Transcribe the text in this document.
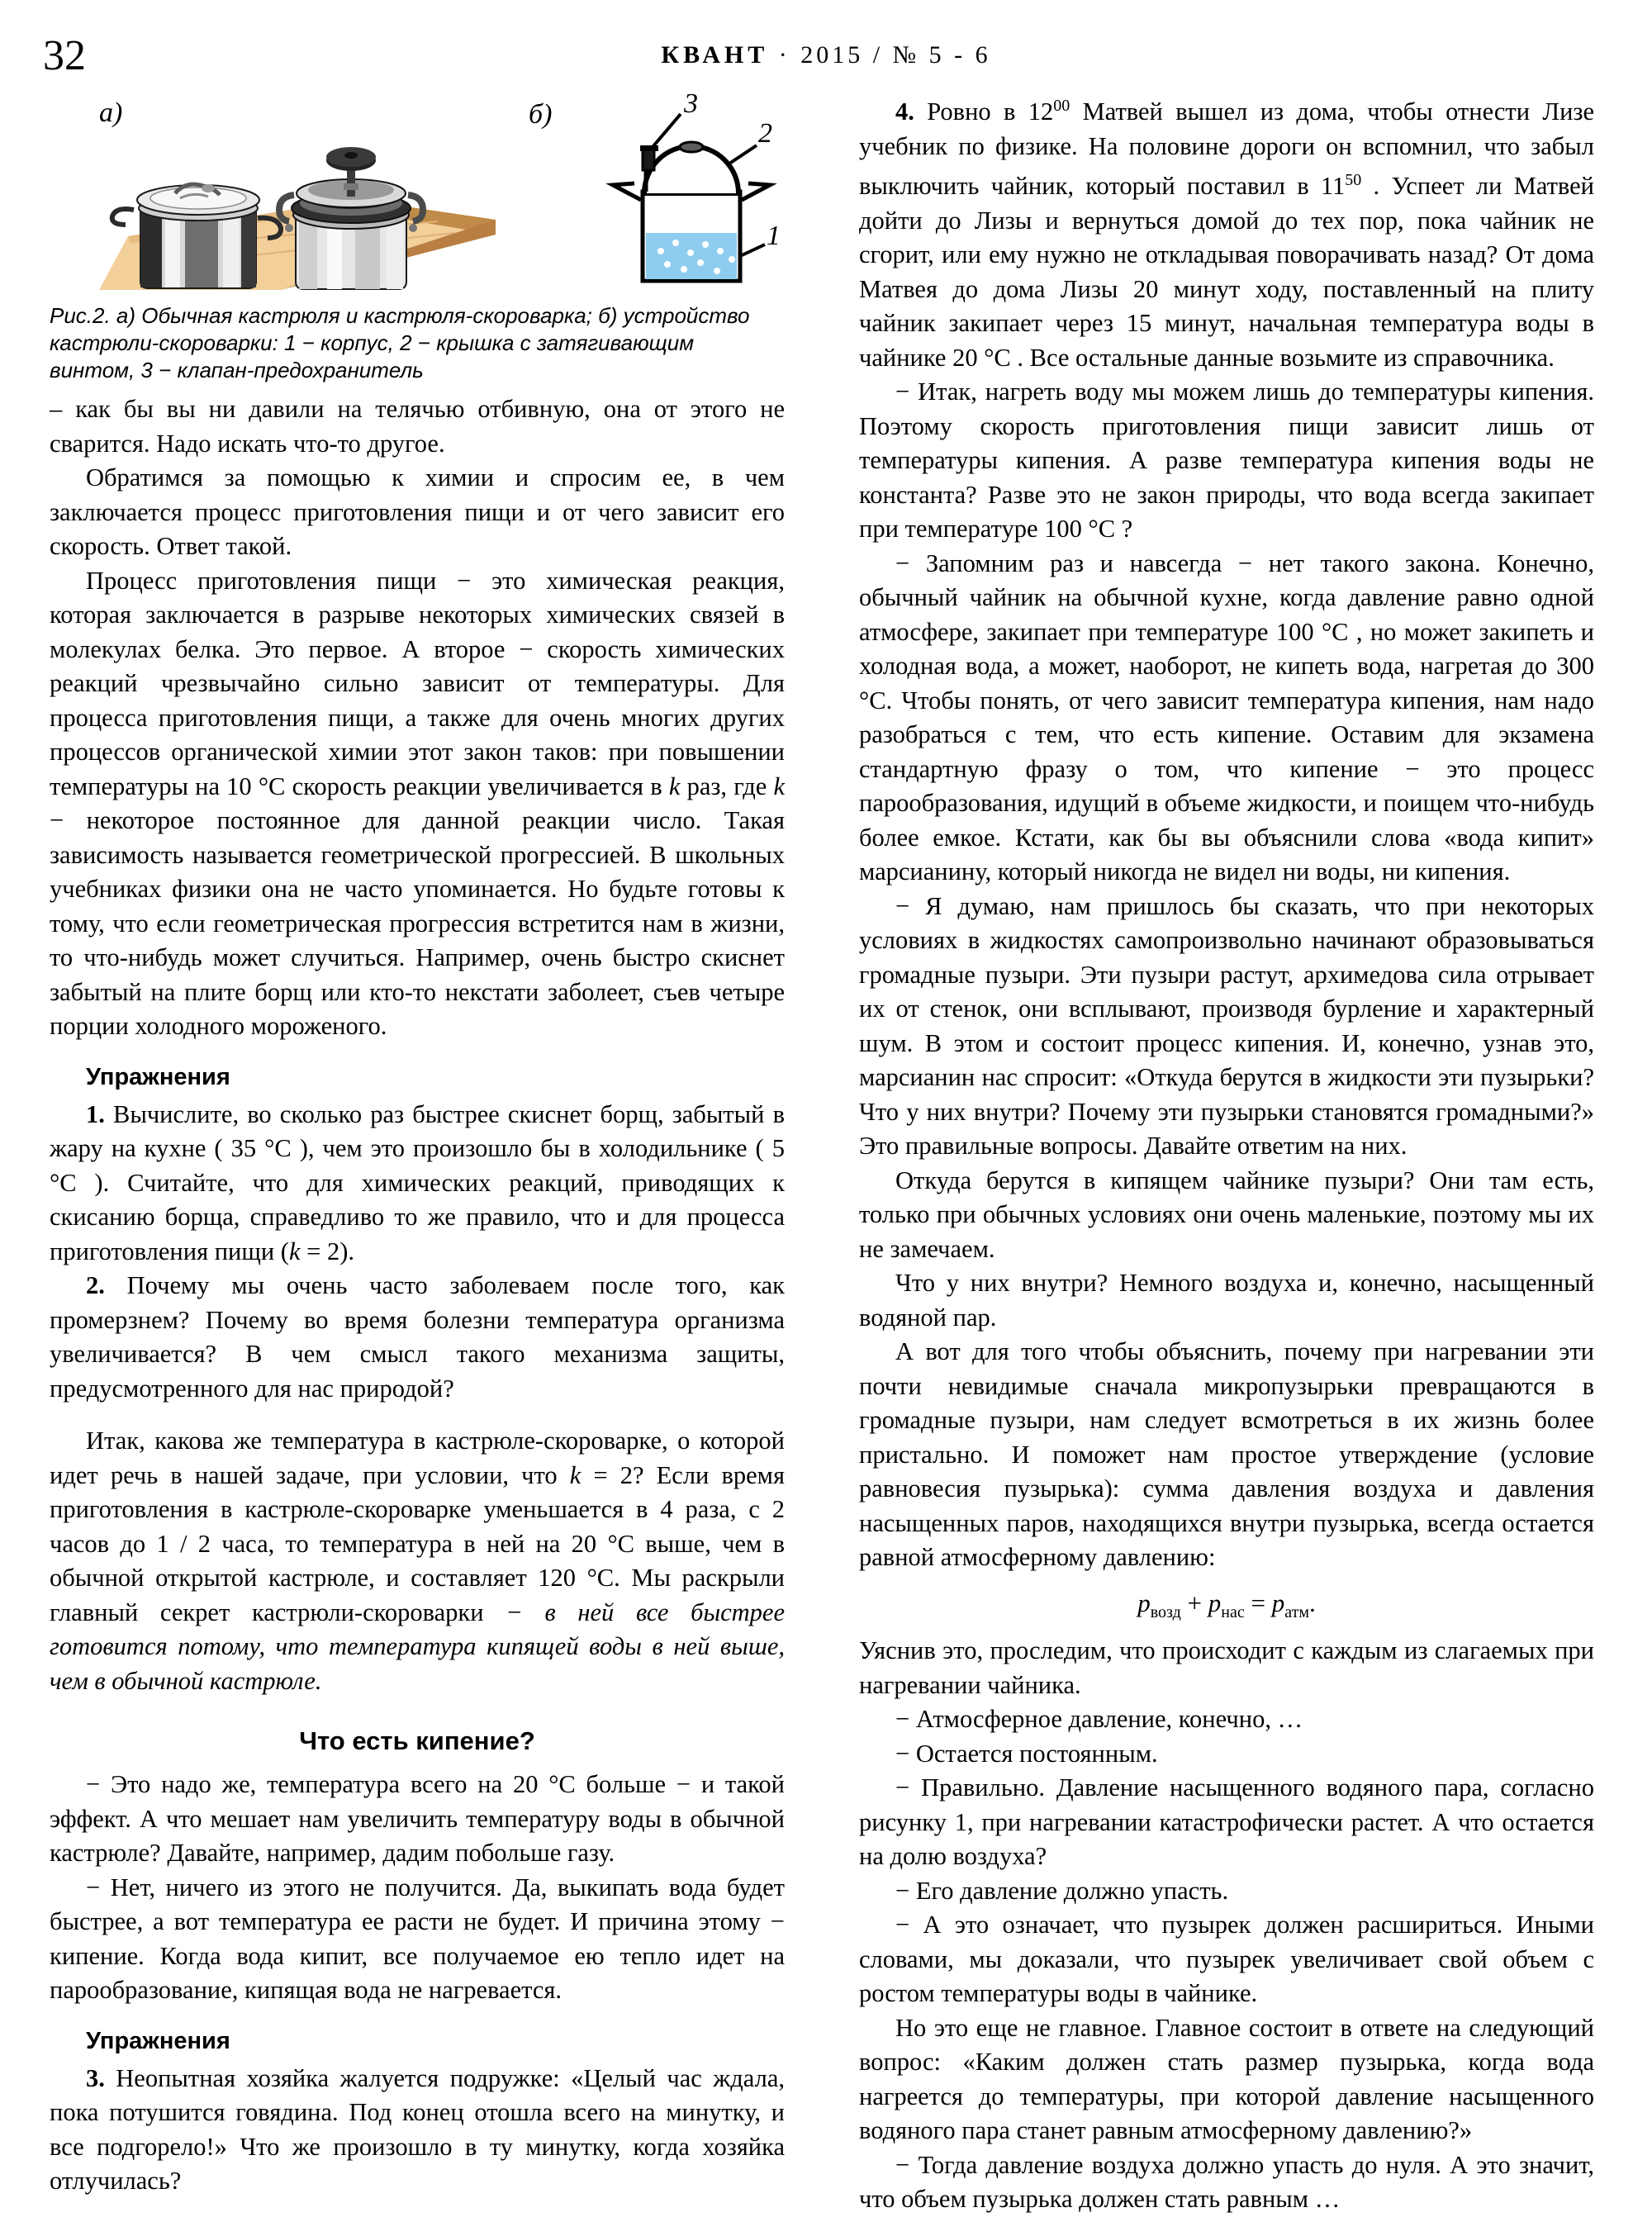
32	КВАНТ · 2015 / № 5 - 6
а)	б)	3
2
1
Рис.2. а) Обычная кастрюля и кастрюля-скороварка; б) устройство кастрюли-скороварки: 1 − корпус, 2 − крышка с затягивающим винтом, 3 − клапан-предохранитель

– как бы вы ни давили на телячью отбивную, она от этого не сварится. Надо искать что-то другое.

Обратимся за помощью к химии и спросим ее, в чем заключается процесс приготовления пищи и от чего зависит его скорость. Ответ такой.

Процесс приготовления пищи − это химическая реакция, которая заключается в разрыве некоторых химических связей в молекулах белка. Это первое. А второе − скорость химических реакций чрезвычайно сильно зависит от температуры. Для процесса приготовления пищи, а также для очень многих других процессов органической химии этот закон таков: при повышении температуры на 10 °С скорость реакции увеличивается в k раз, где k − некоторое постоянное для данной реакции число. Такая зависимость называется геометрической прогрессией. В школьных учебниках физики она не часто упоминается. Но будьте готовы к тому, что если геометрическая прогрессия встретится нам в жизни, то что-нибудь может случиться. Например, очень быстро скиснет забытый на плите борщ или кто-то некстати заболеет, съев четыре порции холодного мороженого.

Упражнения

1. Вычислите, во сколько раз быстрее скиснет борщ, забытый в жару на кухне ( 35 °С ), чем это произошло бы в холодильнике ( 5 °С ). Считайте, что для химических реакций, приводящих к скисанию борща, справедливо то же правило, что и для процесса приготовления пищи (k = 2).

2. Почему мы очень часто заболеваем после того, как промерзнем? Почему во время болезни температура организма увеличивается? В чем смысл такого механизма защиты, предусмотренного для нас природой?

Итак, какова же температура в кастрюле-скороварке, о которой идет речь в нашей задаче, при условии, что k = 2? Если время приготовления в кастрюле-скороварке уменьшается в 4 раза, с 2 часов до 1 / 2 часа, то температура в ней на 20 °С выше, чем в обычной открытой кастрюле, и составляет 120 °С. Мы раскрыли главный секрет кастрюли-скороварки − в ней все быстрее готовится потому, что температура кипящей воды в ней выше, чем в обычной кастрюле.

Что есть кипение?

− Это надо же, температура всего на 20 °С больше − и такой эффект. А что мешает нам увеличить температуру воды в обычной кастрюле? Давайте, например, дадим побольше газу.

− Нет, ничего из этого не получится. Да, выкипать вода будет быстрее, а вот температура ее расти не будет. И причина этому − кипение. Когда вода кипит, все получаемое ею тепло идет на парообразование, кипящая вода не нагревается.

Упражнения

3. Неопытная хозяйка жалуется подружке: «Целый час ждала, пока потушится говядина. Под конец отошла всего на минутку, и все подгорело!» Что же произошло в ту минутку, когда хозяйка отлучилась?

4. Ровно в $12^{00}$ Матвей вышел из дома, чтобы отнести Лизе учебник по физике. На половине дороги он вспомнил, что забыл выключить чайник, который поставил в $11^{50}$ . Успеет ли Матвей дойти до Лизы и вернуться домой до тех пор, пока чайник не сгорит, или ему нужно не откладывая поворачивать назад? От дома Матвея до дома Лизы 20 минут ходу, поставленный на плиту чайник закипает через 15 минут, начальная температура воды в чайнике 20 °С . Все остальные данные возьмите из справочника.

− Итак, нагреть воду мы можем лишь до температуры кипения. Поэтому скорость приготовления пищи зависит лишь от температуры кипения. А разве температура кипения воды не константа? Разве это не закон природы, что вода всегда закипает при температуре 100 °С ?

− Запомним раз и навсегда − нет такого закона. Конечно, обычный чайник на обычной кухне, когда давление равно одной атмосфере, закипает при температуре 100 °С , но может закипеть и холодная вода, а может, наоборот, не кипеть вода, нагретая до 300 °С. Чтобы понять, от чего зависит температура кипения, нам надо разобраться с тем, что есть кипение. Оставим для экзамена стандартную фразу о том, что кипение − это процесс парообразования, идущий в объеме жидкости, и поищем что-нибудь более емкое. Кстати, как бы вы объяснили слова «вода кипит» марсианину, который никогда не видел ни воды, ни кипения.

− Я думаю, нам пришлось бы сказать, что при некоторых условиях в жидкостях самопроизвольно начинают образовываться громадные пузыри. Эти пузыри растут, архимедова сила отрывает их от стенок, они всплывают, производя бурление и характерный шум. В этом и состоит процесс кипения. И, конечно, узнав это, марсианин нас спросит: «Откуда берутся в жидкости эти пузырьки? Что у них внутри? Почему эти пузырьки становятся громадными?» Это правильные вопросы. Давайте ответим на них.

Откуда берутся в кипящем чайнике пузыри? Они там есть, только при обычных условиях они очень маленькие, поэтому мы их не замечаем.

Что у них внутри? Немного воздуха и, конечно, насыщенный водяной пар.

А вот для того чтобы объяснить, почему при нагревании эти почти невидимые сначала микропузырьки превращаются в громадные пузыри, нам следует всмотреться в их жизнь более пристально. И поможет нам простое утверждение (условие равновесия пузырька): сумма давления воздуха и давления насыщенных паров, находящихся внутри пузырька, всегда остается равной атмосферному давлению:

$p_{возд} + p_{нас} = p_{атм}$.

Уяснив это, проследим, что происходит с каждым из слагаемых при нагревании чайника.

− Атмосферное давление, конечно, …

− Остается постоянным.

− Правильно. Давление насыщенного водяного пара, согласно рисунку 1, при нагревании катастрофически растет. А что остается на долю воздуха?

− Его давление должно упасть.

− А это означает, что пузырек должен расшириться. Иными словами, мы доказали, что пузырек увеличивает свой объем с ростом температуры воды в чайнике.

Но это еще не главное. Главное состоит в ответе на следующий вопрос: «Каким должен стать размер пузырька, когда вода нагреется до температуры, при которой давление насыщенного водяного пара станет равным атмосферному давлению?»

− Тогда давление воздуха должно упасть до нуля. А это значит, что объем пузырька должен стать равным …
